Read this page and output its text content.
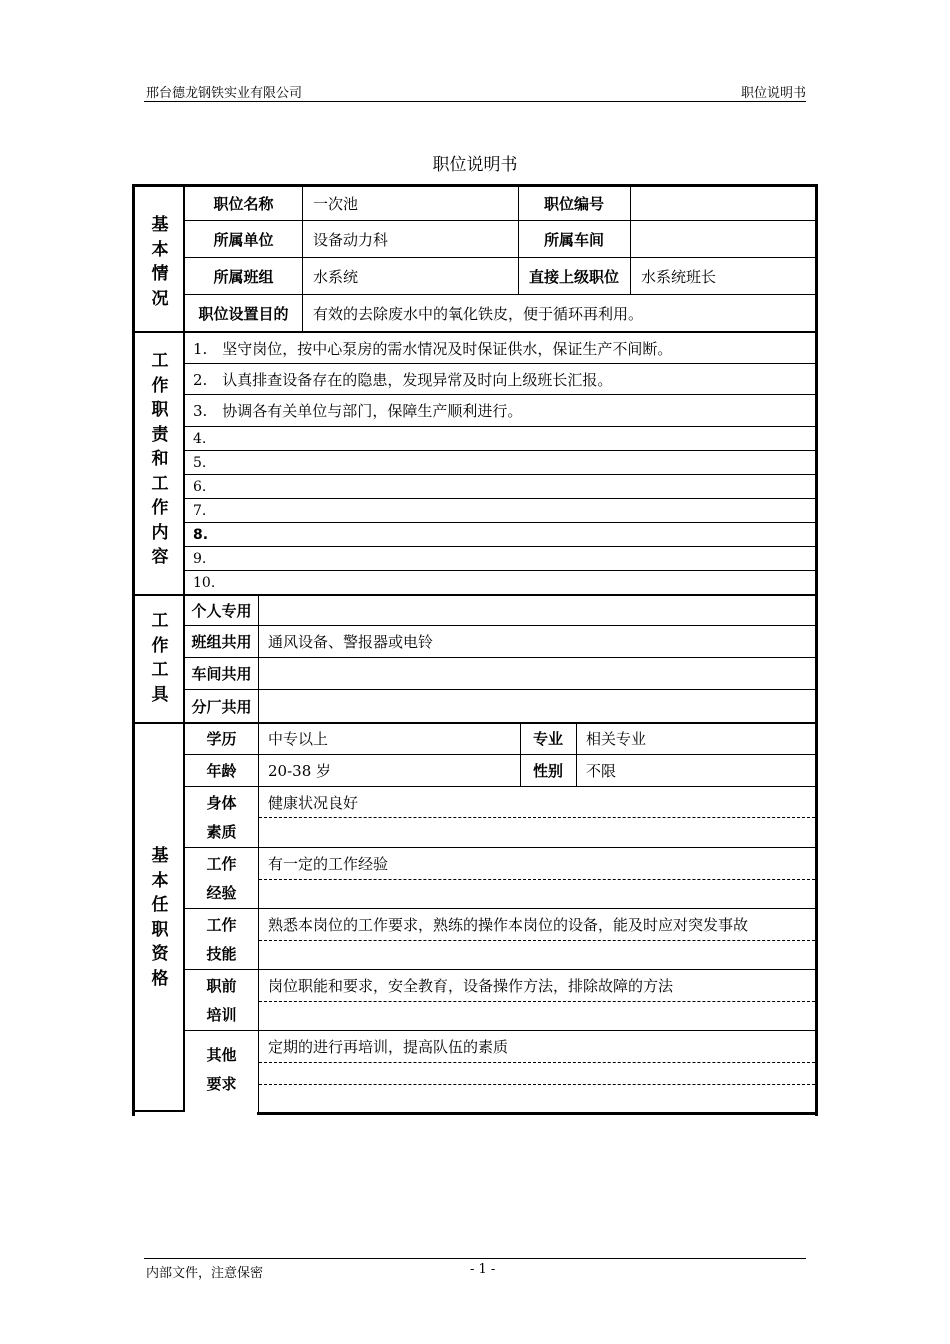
邢台德龙钢铁实业有限公司	职位说明书
职位说明书
基
本
情
况
职位名称	一次池	职位编号
所属单位	设备动力科	所属车间
所属班组	水系统	直接上级职位	水系统班长
职位设置目的	有效的去除废水中的氧化铁皮，便于循环再利用。
工
作
职
责
和
工
作
内
容
1.　坚守岗位，按中心泵房的需水情况及时保证供水，保证生产不间断。
2.　认真排查设备存在的隐患，发现异常及时向上级班长汇报。
3.　协调各有关单位与部门，保障生产顺利进行。
4.
5.
6.
7.
8.
9.
10.
工
作
工
具
个人专用
班组共用	通风设备、警报器或电铃
车间共用
分厂共用
基
本
任
职
资
格
学历	中专以上	专业	相关专业
年龄	20-38 岁	性别	不限
身体
素质
健康状况良好
工作
经验
有一定的工作经验
工作
技能
熟悉本岗位的工作要求，熟练的操作本岗位的设备，能及时应对突发事故
职前
培训
岗位职能和要求，安全教育，设备操作方法，排除故障的方法
其他
要求
定期的进行再培训，提高队伍的素质
内部文件，注意保密	- 1 -
